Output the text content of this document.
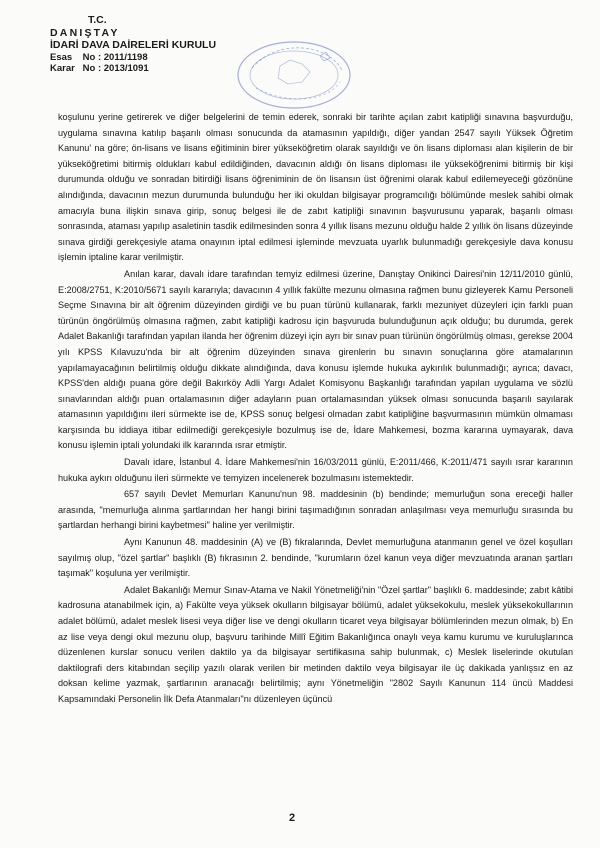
T.C.
DANIŞTAY
İDARİ DAVA DAİRELERİ KURULU
Esas No : 2011/1198
Karar No : 2013/1091

koşulunu yerine getirerek ve diğer belgelerini de temin ederek, sonraki bir tarihte açılan zabıt katipliği sınavına başvurduğu, uygulama sınavına katılıp başarılı olması sonucunda da atamasının yapıldığı, diğer yandan 2547 sayılı Yüksek Öğretim Kanunu' na göre; ön-lisans ve lisans eğitiminin birer yükseköğretim olarak sayıldığı ve ön lisans diploması alan kişilerin de bir yükseköğretimi bitirmiş oldukları kabul edildiğinden, davacının aldığı ön lisans diploması ile yükseköğrenimi bitirmiş bir kişi durumunda olduğu ve sonradan bitirdiği lisans öğreniminin de ön lisansın üst öğrenimi olarak kabul edilemeyeceği gözönüne alındığında, davacının mezun durumunda bulunduğu her iki okuldan bilgisayar programcılığı bölümünde meslek sahibi olmak amacıyla buna ilişkin sınava girip, sonuç belgesi ile de zabıt katipliği sınavının başvurusunu yaparak, başarılı olması sonrasında, ataması yapılıp asaletinin tasdik edilmesinden sonra 4 yıllık lisans mezunu olduğu halde 2 yıllık ön lisans düzeyinde sınava girdiği gerekçesiyle atama onayının iptal edilmesi işleminde mevzuata uyarlık bulunmadığı gerekçesiyle dava konusu işlemin iptaline karar verilmiştir.

Anılan karar, davalı idare tarafından temyiz edilmesi üzerine, Danıştay Onikinci Dairesi'nin 12/11/2010 günlü, E:2008/2751, K:2010/5671 sayılı kararıyla; davacının 4 yıllık fakülte mezunu olmasına rağmen bunu gizleyerek Kamu Personeli Seçme Sınavına bir alt öğrenim düzeyinden girdiği ve bu puan türünü kullanarak, farklı mezuniyet düzeyleri için farklı puan türünün öngörülmüş olmasına rağmen, zabıt katipliği kadrosu için başvuruda bulunduğunun açık olduğu; bu durumda, gerek Adalet Bakanlığı tarafından yapılan ilanda her öğrenim düzeyi için ayrı bir sınav puan türünün öngörülmüş olması, gerekse 2004 yılı KPSS Kılavuzu'nda bir alt öğrenim düzeyinden sınava girenlerin bu sınavın sonuçlarına göre atamalarının yapılamayacağının belirtilmiş olduğu dikkate alındığında, dava konusu işlemde hukuka aykırılık bulunmadığı; ayrıca; davacı, KPSS'den aldığı puana göre değil Bakırköy Adli Yargı Adalet Komisyonu Başkanlığı tarafından yapılan uygulama ve sözlü sınavlarından aldığı puan ortalamasının diğer adayların puan ortalamasından yüksek olması sonucunda başarılı sayılarak atamasının yapıldığını ileri sürmekte ise de, KPSS sonuç belgesi olmadan zabıt katipliğine başvurmasının mümkün olmaması karşısında bu iddiaya itibar edilmediği gerekçesiyle bozulmuş ise de, İdare Mahkemesi, bozma kararına uymayarak, dava konusu işlemin iptali yolundaki ilk kararında ısrar etmiştir.

Davalı idare, İstanbul 4. İdare Mahkemesi'nin 16/03/2011 günlü, E:2011/466, K:2011/471 sayılı ısrar kararının hukuka aykırı olduğunu ileri sürmekte ve temyizen incelenerek bozulmasını istemektedir.

657 sayılı Devlet Memurları Kanunu'nun 98. maddesinin (b) bendinde; memurluğun sona ereceği haller arasında, "memurluğa alınma şartlarından her hangi birini taşımadığının sonradan anlaşılması veya memurluğu sırasında bu şartlardan herhangi birini kaybetmesi" haline yer verilmiştir.

Aynı Kanunun 48. maddesinin (A) ve (B) fıkralarında, Devlet memurluğuna atanmanın genel ve özel koşulları sayılmış olup, "özel şartlar" başlıklı (B) fıkrasının 2. bendinde, "kurumların özel kanun veya diğer mevzuatında aranan şartları taşımak" koşuluna yer verilmiştir.

Adalet Bakanlığı Memur Sınav-Atama ve Nakil Yönetmeliği'nin "Özel şartlar" başlıklı 6. maddesinde; zabıt kâtibi kadrosuna atanabilmek için, a) Fakülte veya yüksek okulların bilgisayar bölümü, adalet yüksekokulu, meslek yüksekokullarının adalet bölümü, adalet meslek lisesi veya diğer lise ve dengi okulların ticaret veya bilgisayar bölümlerinden mezun olmak, b) En az lise veya dengi okul mezunu olup, başvuru tarihinde Millî Eğitim Bakanlığınca onaylı veya kamu kurumu ve kuruluşlarınca düzenlenen kurslar sonucu verilen daktilo ya da bilgisayar sertifikasına sahip bulunmak, c) Meslek liselerinde okutulan daktilografi ders kitabından seçilip yazılı olarak verilen bir metinden daktilo veya bilgisayar ile üç dakikada yanlışsız en az doksan kelime yazmak, şartlarının aranacağı belirtilmiş; aynı Yönetmeliğin "2802 Sayılı Kanunun 114 üncü Maddesi Kapsamındaki Personelin İlk Defa Atanmaları"nı düzenleyen üçüncü

2
